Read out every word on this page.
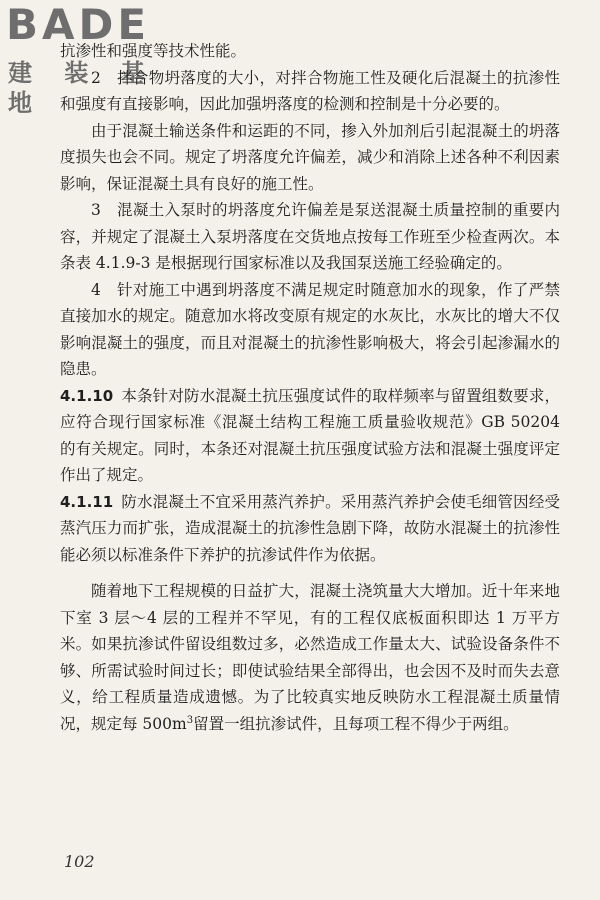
BADE
建 装 基 地

抗渗性和强度等技术性能。

2　拌合物坍落度的大小，对拌合物施工性及硬化后混凝土的抗渗性和强度有直接影响，因此加强坍落度的检测和控制是十分必要的。

由于混凝土输送条件和运距的不同，掺入外加剂后引起混凝土的坍落度损失也会不同。规定了坍落度允许偏差，减少和消除上述各种不利因素影响，保证混凝土具有良好的施工性。

3　混凝土入泵时的坍落度允许偏差是泵送混凝土质量控制的重要内容，并规定了混凝土入泵坍落度在交货地点按每工作班至少检查两次。本条表 4.1.9-3 是根据现行国家标准以及我国泵送施工经验确定的。

4　针对施工中遇到坍落度不满足规定时随意加水的现象，作了严禁直接加水的规定。随意加水将改变原有规定的水灰比，水灰比的增大不仅影响混凝土的强度，而且对混凝土的抗渗性影响极大，将会引起渗漏水的隐患。

4.1.10 本条针对防水混凝土抗压强度试件的取样频率与留置组数要求，应符合现行国家标准《混凝土结构工程施工质量验收规范》GB 50204 的有关规定。同时，本条还对混凝土抗压强度试验方法和混凝土强度评定作出了规定。

4.1.11 防水混凝土不宜采用蒸汽养护。采用蒸汽养护会使毛细管因经受蒸汽压力而扩张，造成混凝土的抗渗性急剧下降，故防水混凝土的抗渗性能必须以标准条件下养护的抗渗试件作为依据。

随着地下工程规模的日益扩大，混凝土浇筑量大大增加。近十年来地下室 3 层～4 层的工程并不罕见，有的工程仅底板面积即达 1 万平方米。如果抗渗试件留设组数过多，必然造成工作量太大、试验设备条件不够、所需试验时间过长；即使试验结果全部得出，也会因不及时而失去意义，给工程质量造成遗憾。为了比较真实地反映防水工程混凝土质量情况，规定每 $500m^3$留置一组抗渗试件，且每项工程不得少于两组。

102
